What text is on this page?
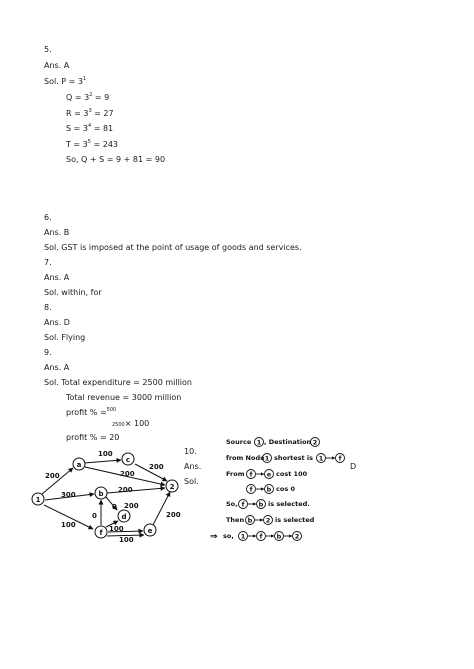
5.
Ans. A
Sol. $P = 3^1$
$Q = 3^2 = 9$
$R = 3^3 = 27$
$S = 3^4 = 81$
$T = 3^5 = 243$
So, Q + S = 9 + 81 = 90
6.
Ans. B
Sol. GST is imposed at the point of usage of goods and services.
7.
Ans. A
Sol. within, for
8.
Ans. D
Sol. Flying
9.
Ans. A
Sol. Total expenditure = 2500 million
Total revenue = 3000 million
profit % =$^{500}$
2500× 100
profit % = 20
10.
Ans.
Sol.
D
a
c
1
b
2
d
f	e
200
100
200
200
300
200
200
0
0
100	100
100
200
Source 1 , Destination 2
from Node 1 shortest is 1 f
From f e cost 100
f b cos 0
So, f b is selected.
Then b 2 is selected
⇒ so, 1 f b 2
